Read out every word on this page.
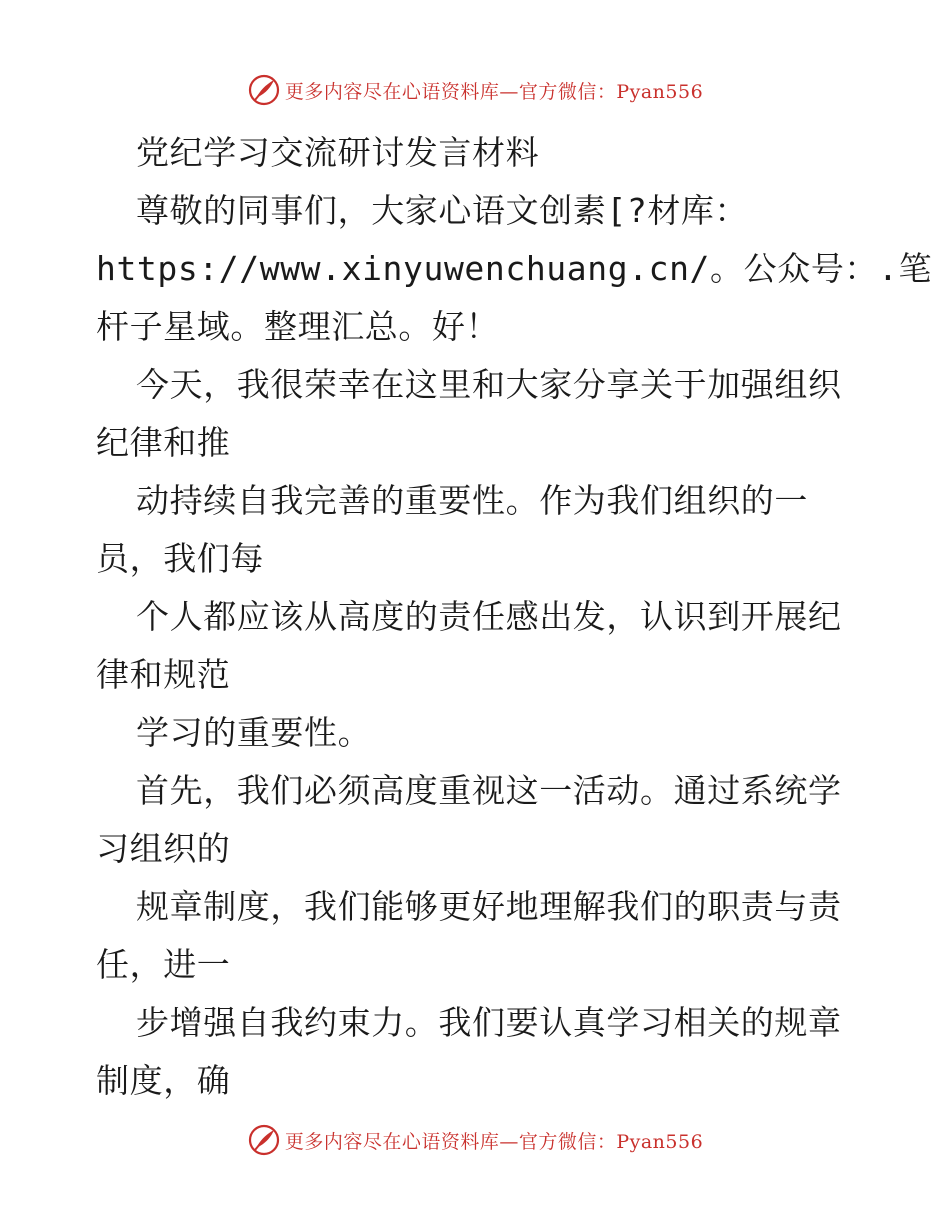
更多内容尽在心语资料库—官方微信：Pyan556
党纪学习交流研讨发言材料
尊敬的同事们，大家心语文创素[?材库：
https://www.xinyuwenchuang.cn/。公众号：.笔
杆子星域。整理汇总。好！
今天，我很荣幸在这里和大家分享关于加强组织
纪律和推
动持续自我完善的重要性。作为我们组织的一
员，我们每
个人都应该从高度的责任感出发，认识到开展纪
律和规范
学习的重要性。
首先，我们必须高度重视这一活动。通过系统学
习组织的
规章制度，我们能够更好地理解我们的职责与责
任，进一
步增强自我约束力。我们要认真学习相关的规章
制度，确
更多内容尽在心语资料库—官方微信：Pyan556
